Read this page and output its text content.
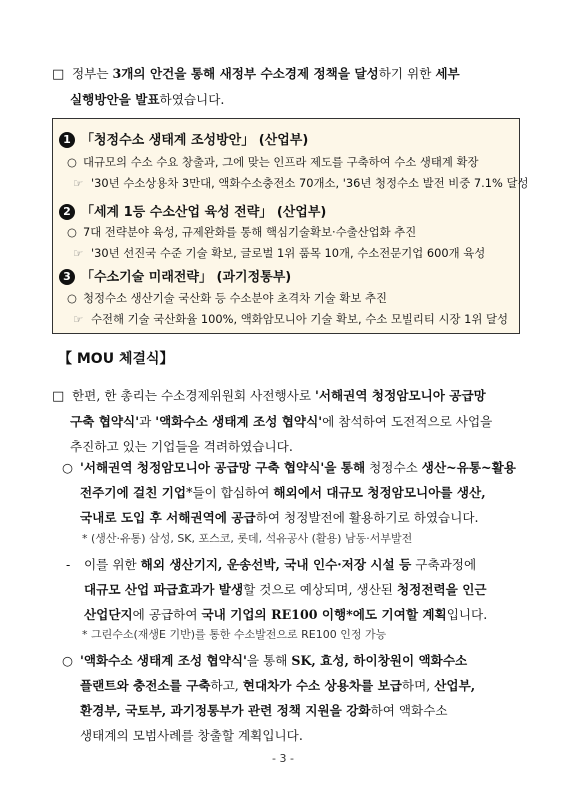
□ 정부는 3개의 안건을 통해 새정부 수소경제 정책을 달성하기 위한 세부
실행방안을 발표하였습니다.
1 「청정수소 생태계 조성방안」 (산업부)
○ 대규모의 수소 수요 창출과, 그에 맞는 인프라 제도를 구축하여 수소 생태계 확장
☞ '30년 수소상용차 3만대, 액화수소충전소 70개소, '36년 청정수소 발전 비중 7.1% 달성
2 「세계 1등 수소산업 육성 전략」 (산업부)
○ 7대 전략분야 육성, 규제완화를 통해 핵심기술확보·수출산업화 추진
☞ '30년 선진국 수준 기술 확보, 글로벌 1위 품목 10개, 수소전문기업 600개 육성
3 「수소기술 미래전략」 (과기정통부)
○ 청정수소 생산기술 국산화 등 수소분야 초격차 기술 확보 추진
☞ 수전해 기술 국산화율 100%, 액화암모니아 기술 확보, 수소 모빌리티 시장 1위 달성
【 MOU 체결식】
□ 한편, 한 총리는 수소경제위원회 사전행사로 '서해권역 청정암모니아 공급망
구축 협약식'과 '액화수소 생태계 조성 협약식'에 참석하여 도전적으로 사업을
추진하고 있는 기업들을 격려하였습니다.
○ '서해권역 청정암모니아 공급망 구축 협약식'을 통해 청정수소 생산~유통~활용
전주기에 걸친 기업*들이 합심하여 해외에서 대규모 청정암모니아를 생산,
국내로 도입 후 서해권역에 공급하여 청정발전에 활용하기로 하였습니다.
* (생산·유통) 삼성, SK, 포스코, 롯데, 석유공사 (활용) 남동·서부발전
- 이를 위한 해외 생산기지, 운송선박, 국내 인수·저장 시설 등 구축과정에
대규모 산업 파급효과가 발생할 것으로 예상되며, 생산된 청정전력을 인근
산업단지에 공급하여 국내 기업의 RE100 이행*에도 기여할 계획입니다.
* 그린수소(재생E 기반)를 통한 수소발전으로 RE100 인정 가능
○ '액화수소 생태계 조성 협약식'을 통해 SK, 효성, 하이창원이 액화수소
플랜트와 충전소를 구축하고, 현대차가 수소 상용차를 보급하며, 산업부,
환경부, 국토부, 과기정통부가 관련 정책 지원을 강화하여 액화수소
생태계의 모범사례를 창출할 계획입니다.
- 3 -
